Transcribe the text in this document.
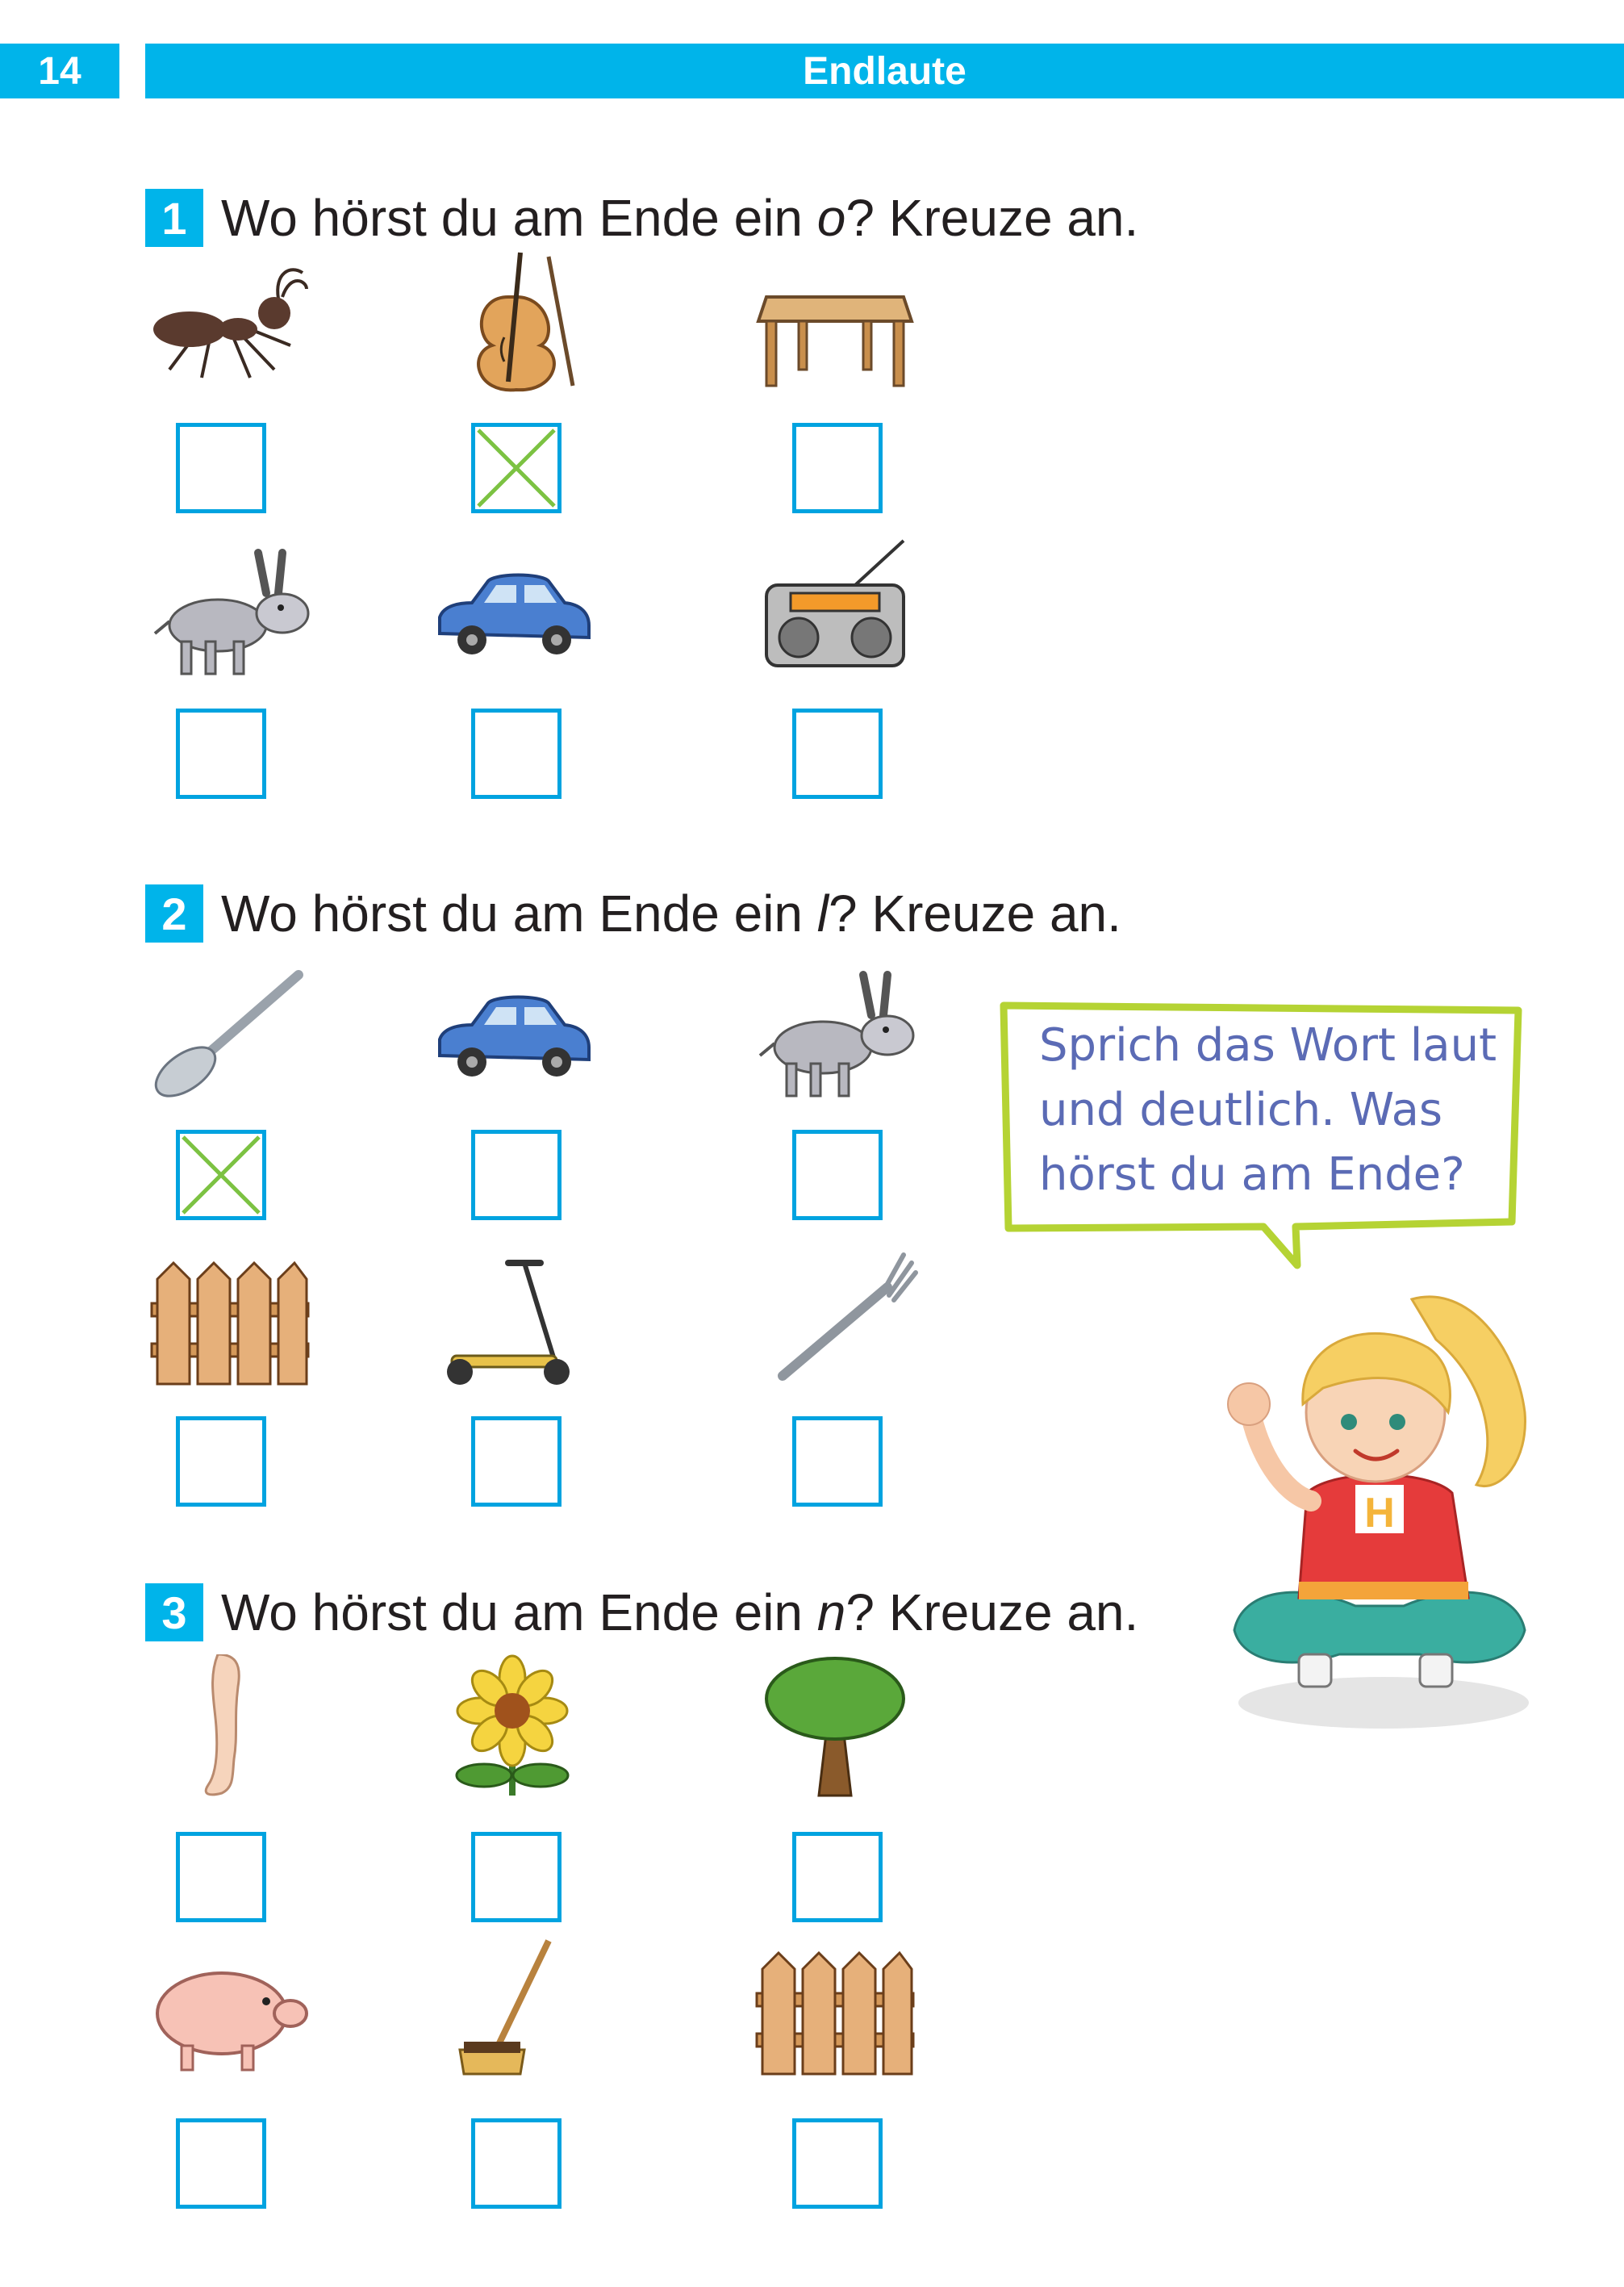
14	Endlaute
1 Wo hörst du am Ende ein o ? Kreuze an.
2 Wo hörst du am Ende ein l ? Kreuze an.
3 Wo hörst du am Ende ein n ? Kreuze an.
Sprich das Wort laut
und deutlich. Was
hörst du am Ende?
H
